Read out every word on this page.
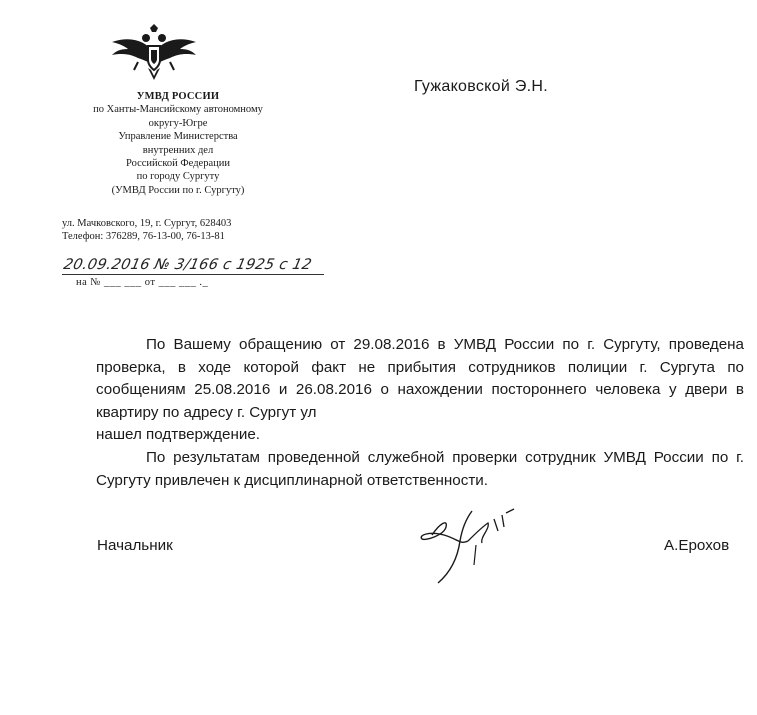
УМВД РОССИИ
по Ханты-Мансийскому автономному
округу-Югре
Управление Министерства
внутренних дел
Российской Федерации
по городу Сургуту
(УМВД России по г. Сургуту)
ул. Мачковского, 19, г. Сургут, 628403
Телефон: 376289, 76-13-00, 76-13-81
20.09.2016 № 3/166 с 1925 с 12
на № ___ ___ от ___ ___ ._
Гужаковской Э.Н.

По Вашему обращению от 29.08.2016 в УМВД России по г. Сургуту, проведена проверка, в ходе которой факт не прибытия сотрудников полиции г. Сургута по сообщениям 25.08.2016 и 26.08.2016 о нахождении постороннего человека у двери в квартиру по адресу г. Сургут ул

нашел подтверждение.

По результатам проведенной служебной проверки сотрудник УМВД России по г. Сургуту привлечен к дисциплинарной ответственности.

Начальник	А.Ерохов
